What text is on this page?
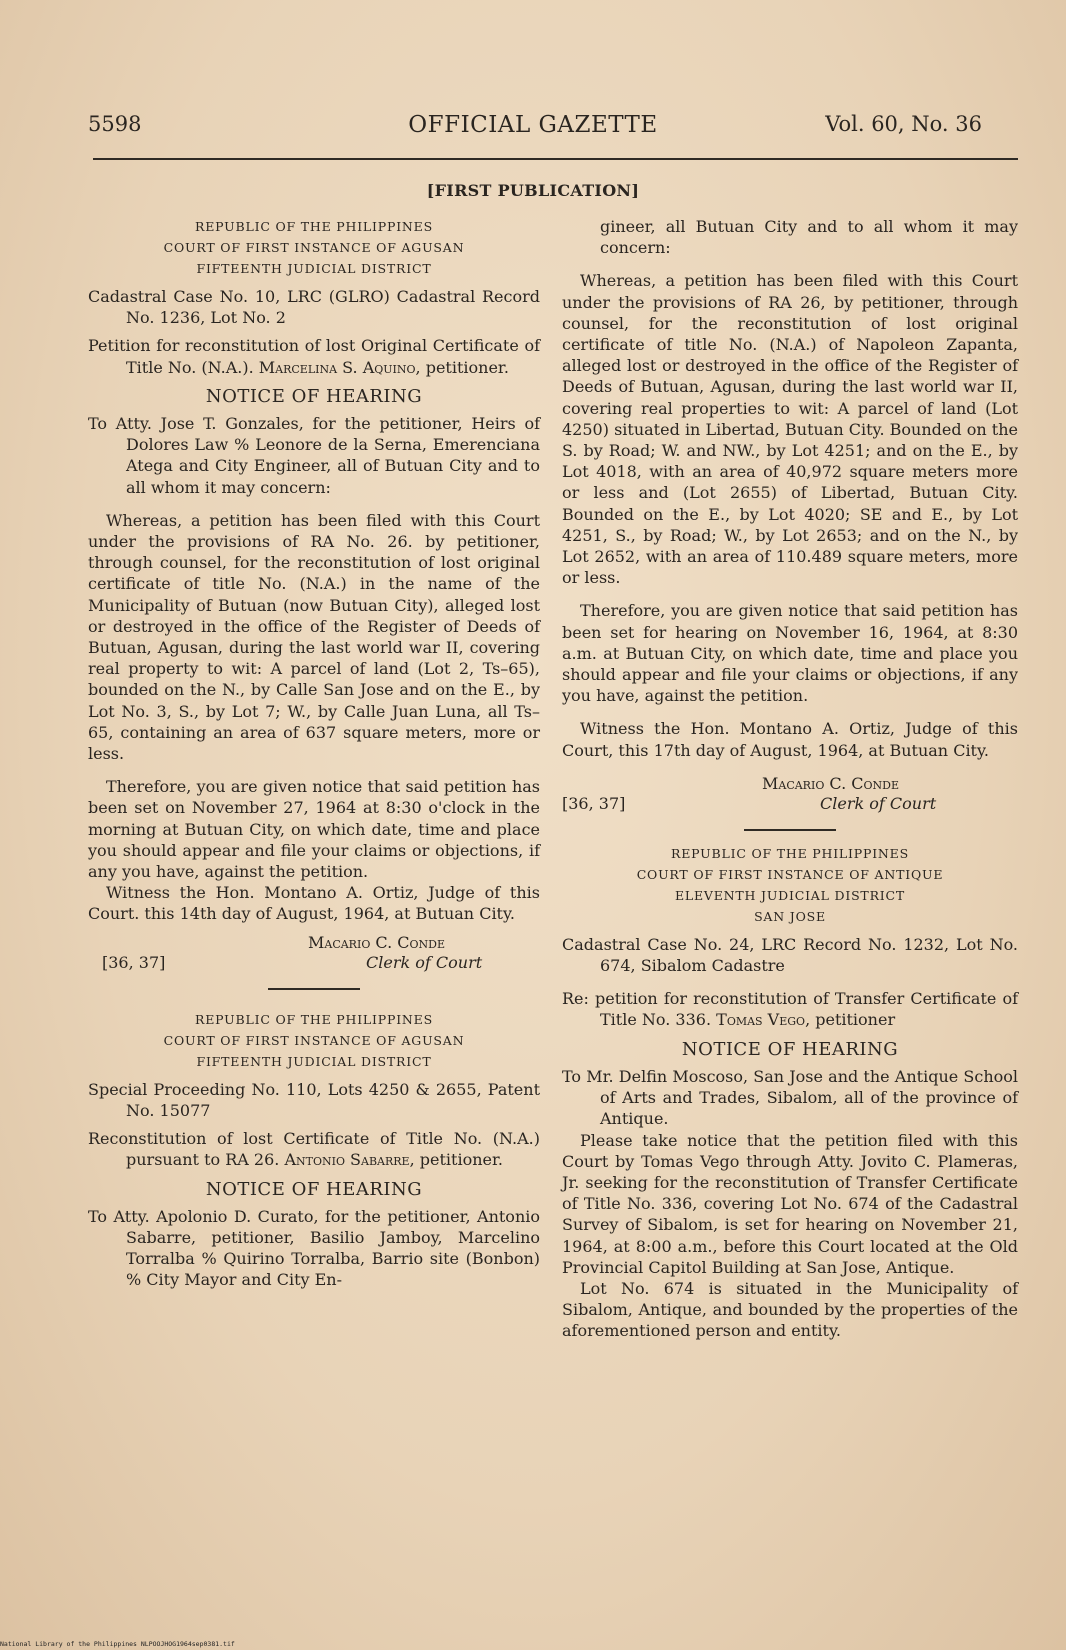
5598	OFFICIAL GAZETTE	Vol. 60, No. 36
[FIRST PUBLICATION]
REPUBLIC OF THE PHILIPPINES
COURT OF FIRST INSTANCE OF AGUSAN
FIFTEENTH JUDICIAL DISTRICT

Cadastral Case No. 10, LRC (GLRO) Cadastral Record No. 1236, Lot No. 2

Petition for reconstitution of lost Original Certificate of Title No. (N.A.). Marcelina S. Aquino, petitioner.

NOTICE OF HEARING

To Atty. Jose T. Gonzales, for the petitioner, Heirs of Dolores Law % Leonore de la Serna, Emerenciana Atega and City Engineer, all of Butuan City and to all whom it may concern:

Whereas, a petition has been filed with this Court under the provisions of RA No. 26. by petitioner, through counsel, for the reconstitution of lost original certificate of title No. (N.A.) in the name of the Municipality of Butuan (now Butuan City), alleged lost or destroyed in the office of the Register of Deeds of Butuan, Agusan, during the last world war II, covering real property to wit: A parcel of land (Lot 2, Ts–65), bounded on the N., by Calle San Jose and on the E., by Lot No. 3, S., by Lot 7; W., by Calle Juan Luna, all Ts–65, containing an area of 637 square meters, more or less.

Therefore, you are given notice that said petition has been set on November 27, 1964 at 8:30 o'clock in the morning at Butuan City, on which date, time and place you should appear and file your claims or objections, if any you have, against the petition.

Witness the Hon. Montano A. Ortiz, Judge of this Court. this 14th day of August, 1964, at Butuan City.

Macario C. Conde
[36, 37]	Clerk of Court
REPUBLIC OF THE PHILIPPINES
COURT OF FIRST INSTANCE OF AGUSAN
FIFTEENTH JUDICIAL DISTRICT

Special Proceeding No. 110, Lots 4250 & 2655, Patent No. 15077

Reconstitution of lost Certificate of Title No. (N.A.) pursuant to RA 26. Antonio Sabarre, petitioner.

NOTICE OF HEARING

To Atty. Apolonio D. Curato, for the petitioner, Antonio Sabarre, petitioner, Basilio Jamboy, Marcelino Torralba % Quirino Torralba, Barrio site (Bonbon) % City Mayor and City En-

gineer, all Butuan City and to all whom it may concern:

Whereas, a petition has been filed with this Court under the provisions of RA 26, by petitioner, through counsel, for the reconstitution of lost original certificate of title No. (N.A.) of Napoleon Zapanta, alleged lost or destroyed in the office of the Register of Deeds of Butuan, Agusan, during the last world war II, covering real properties to wit: A parcel of land (Lot 4250) situated in Libertad, Butuan City. Bounded on the S. by Road; W. and NW., by Lot 4251; and on the E., by Lot 4018, with an area of 40,972 square meters more or less and (Lot 2655) of Libertad, Butuan City. Bounded on the E., by Lot 4020; SE and E., by Lot 4251, S., by Road; W., by Lot 2653; and on the N., by Lot 2652, with an area of 110.489 square meters, more or less.

Therefore, you are given notice that said petition has been set for hearing on November 16, 1964, at 8:30 a.m. at Butuan City, on which date, time and place you should appear and file your claims or objections, if any you have, against the petition.

Witness the Hon. Montano A. Ortiz, Judge of this Court, this 17th day of August, 1964, at Butuan City.

Macario C. Conde
[36, 37]	Clerk of Court
REPUBLIC OF THE PHILIPPINES
COURT OF FIRST INSTANCE OF ANTIQUE
ELEVENTH JUDICIAL DISTRICT
SAN JOSE

Cadastral Case No. 24, LRC Record No. 1232, Lot No. 674, Sibalom Cadastre

Re: petition for reconstitution of Transfer Certificate of Title No. 336. Tomas Vego, petitioner

NOTICE OF HEARING

To Mr. Delfin Moscoso, San Jose and the Antique School of Arts and Trades, Sibalom, all of the province of Antique.

Please take notice that the petition filed with this Court by Tomas Vego through Atty. Jovito C. Plameras, Jr. seeking for the reconstitution of Transfer Certificate of Title No. 336, covering Lot No. 674 of the Cadastral Survey of Sibalom, is set for hearing on November 21, 1964, at 8:00 a.m., before this Court located at the Old Provincial Capitol Building at San Jose, Antique.

Lot No. 674 is situated in the Municipality of Sibalom, Antique, and bounded by the properties of the aforementioned person and entity.

National Library of the Philippines NLPOOJHOG1964sep0381.tif
